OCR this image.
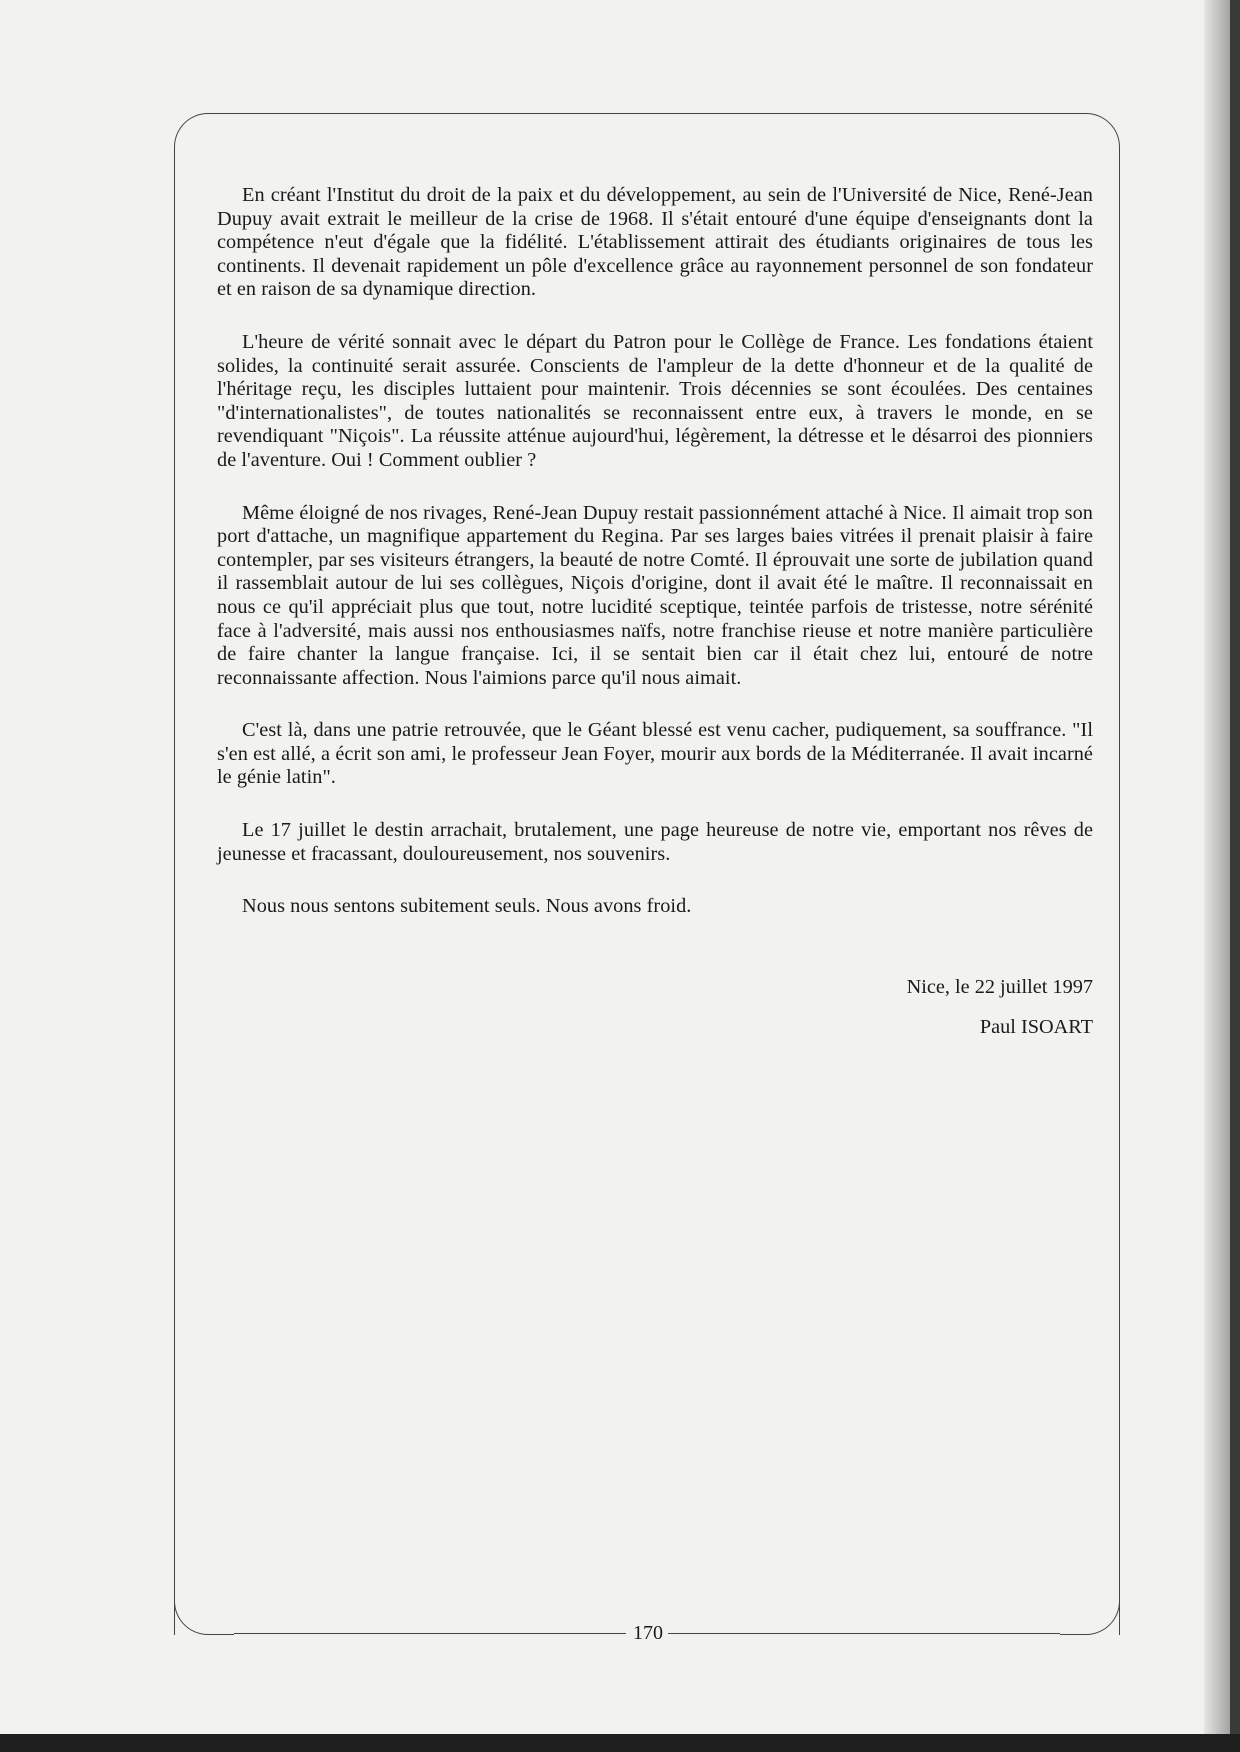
En créant l'Institut du droit de la paix et du développement, au sein de l'Université de Nice, René-Jean Dupuy avait extrait le meilleur de la crise de 1968. Il s'était entouré d'une équipe d'enseignants dont la compétence n'eut d'égale que la fidélité. L'établissement attirait des étudiants originaires de tous les continents. Il devenait rapidement un pôle d'excellence grâce au rayonnement personnel de son fondateur et en raison de sa dynamique direction.

L'heure de vérité sonnait avec le départ du Patron pour le Collège de France. Les fondations étaient solides, la continuité serait assurée. Conscients de l'ampleur de la dette d'honneur et de la qualité de l'héritage reçu, les disciples luttaient pour maintenir. Trois décennies se sont écoulées. Des centaines "d'internationalistes", de toutes nationalités se reconnaissent entre eux, à travers le monde, en se revendiquant "Niçois". La réussite atténue aujourd'hui, légèrement, la détresse et le désarroi des pionniers de l'aventure. Oui ! Comment oublier ?

Même éloigné de nos rivages, René-Jean Dupuy restait passionnément attaché à Nice. Il aimait trop son port d'attache, un magnifique appartement du Regina. Par ses larges baies vitrées il prenait plaisir à faire contempler, par ses visiteurs étrangers, la beauté de notre Comté. Il éprouvait une sorte de jubilation quand il rassemblait autour de lui ses collègues, Niçois d'origine, dont il avait été le maître. Il reconnaissait en nous ce qu'il appréciait plus que tout, notre lucidité sceptique, teintée parfois de tristesse, notre sérénité face à l'adversité, mais aussi nos enthousiasmes naïfs, notre franchise rieuse et notre manière particulière de faire chanter la langue française. Ici, il se sentait bien car il était chez lui, entouré de notre reconnaissante affection. Nous l'aimions parce qu'il nous aimait.

C'est là, dans une patrie retrouvée, que le Géant blessé est venu cacher, pudiquement, sa souffrance. "Il s'en est allé, a écrit son ami, le professeur Jean Foyer, mourir aux bords de la Méditerranée. Il avait incarné le génie latin".

Le 17 juillet le destin arrachait, brutalement, une page heureuse de notre vie, emportant nos rêves de jeunesse et fracassant, douloureusement, nos souvenirs.

Nous nous sentons subitement seuls. Nous avons froid.

Nice, le 22 juillet 1997
Paul ISOART
170
